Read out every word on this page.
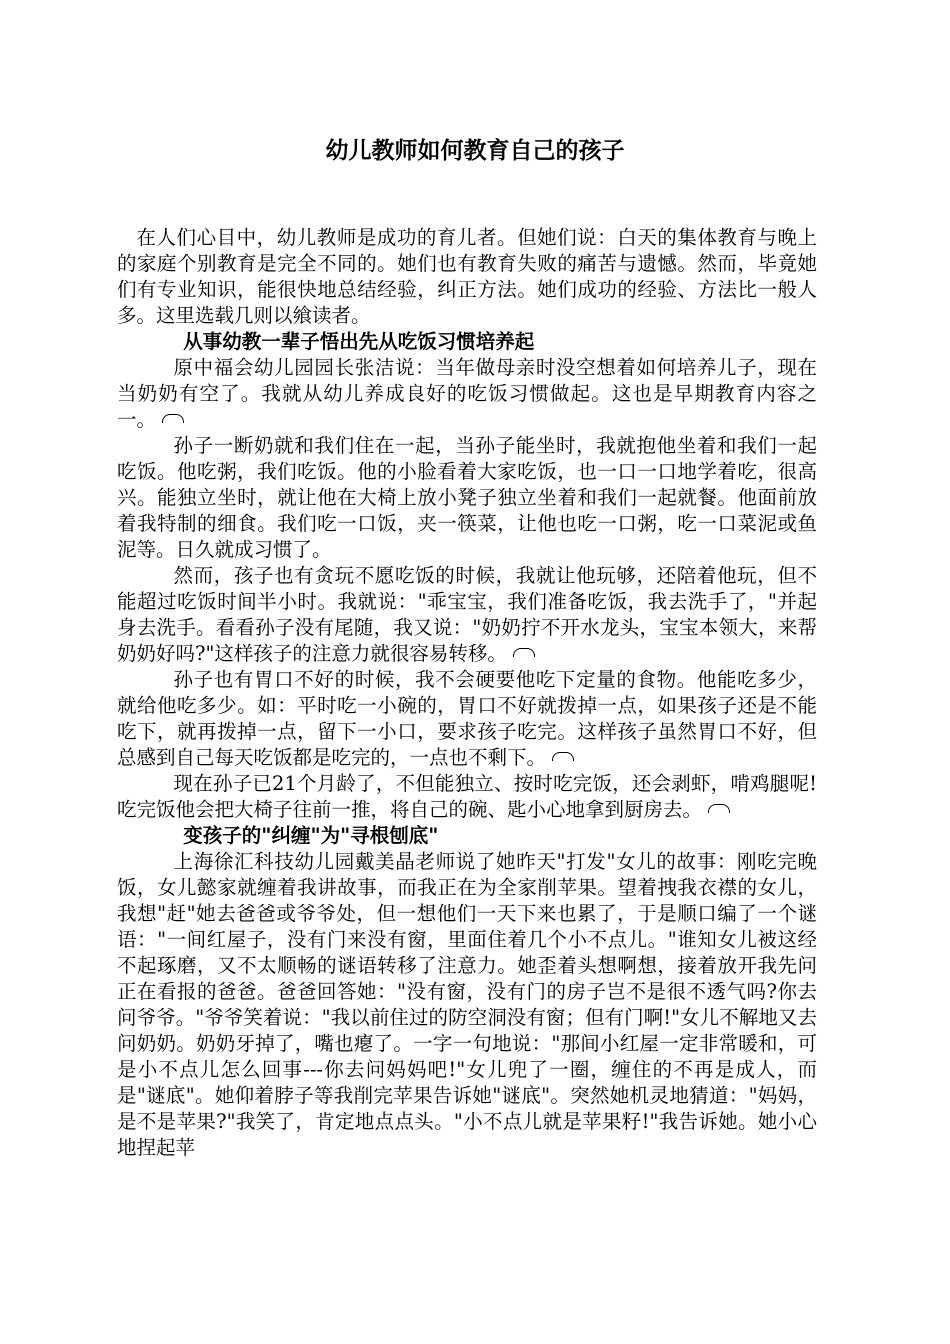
幼儿教师如何教育自己的孩子

在人们心目中，幼儿教师是成功的育儿者。但她们说：白天的集体教育与晚上的家庭个别教育是完全不同的。她们也有教育失败的痛苦与遗憾。然而，毕竟她们有专业知识，能很快地总结经验，纠正方法。她们成功的经验、方法比一般人多。这里选载几则以飨读者。

从事幼教一辈子悟出先从吃饭习惯培养起

原中福会幼儿园园长张洁说：当年做母亲时没空想着如何培养儿子，现在当奶奶有空了。我就从幼儿养成良好的吃饭习惯做起。这也是早期教育内容之一。

孙子一断奶就和我们住在一起，当孙子能坐时，我就抱他坐着和我们一起吃饭。他吃粥，我们吃饭。他的小脸看着大家吃饭，也一口一口地学着吃，很高兴。能独立坐时，就让他在大椅上放小凳子独立坐着和我们一起就餐。他面前放着我特制的细食。我们吃一口饭，夹一筷菜，让他也吃一口粥，吃一口菜泥或鱼泥等。日久就成习惯了。

然而，孩子也有贪玩不愿吃饭的时候，我就让他玩够，还陪着他玩，但不能超过吃饭时间半小时。我就说："乖宝宝，我们准备吃饭，我去洗手了，"并起身去洗手。看看孙子没有尾随，我又说："奶奶拧不开水龙头，宝宝本领大，来帮奶奶好吗?"这样孩子的注意力就很容易转移。

孙子也有胃口不好的时候，我不会硬要他吃下定量的食物。他能吃多少，就给他吃多少。如：平时吃一小碗的，胃口不好就拨掉一点，如果孩子还是不能吃下，就再拨掉一点，留下一小口，要求孩子吃完。这样孩子虽然胃口不好，但总感到自己每天吃饭都是吃完的，一点也不剩下。

现在孙子已21个月龄了，不但能独立、按时吃完饭，还会剥虾，啃鸡腿呢!吃完饭他会把大椅子往前一推，将自己的碗、匙小心地拿到厨房去。

变孩子的"纠缠"为"寻根刨底"

上海徐汇科技幼儿园戴美晶老师说了她昨天"打发"女儿的故事：刚吃完晚饭，女儿懿家就缠着我讲故事，而我正在为全家削苹果。望着拽我衣襟的女儿，我想"赶"她去爸爸或爷爷处，但一想他们一天下来也累了，于是顺口编了一个谜语："一间红屋子，没有门来没有窗，里面住着几个小不点儿。"谁知女儿被这经不起琢磨，又不太顺畅的谜语转移了注意力。她歪着头想啊想，接着放开我先问正在看报的爸爸。爸爸回答她："没有窗，没有门的房子岂不是很不透气吗?你去问爷爷。"爷爷笑着说："我以前住过的防空洞没有窗；但有门啊!"女儿不解地又去问奶奶。奶奶牙掉了，嘴也瘪了。一字一句地说："那间小红屋一定非常暖和，可是小不点儿怎么回事---你去问妈妈吧!"女儿兜了一圈，缠住的不再是成人，而是"谜底"。她仰着脖子等我削完苹果告诉她"谜底"。突然她机灵地猜道："妈妈，是不是苹果?"我笑了，肯定地点点头。"小不点儿就是苹果籽!"我告诉她。她小心地捏起苹
